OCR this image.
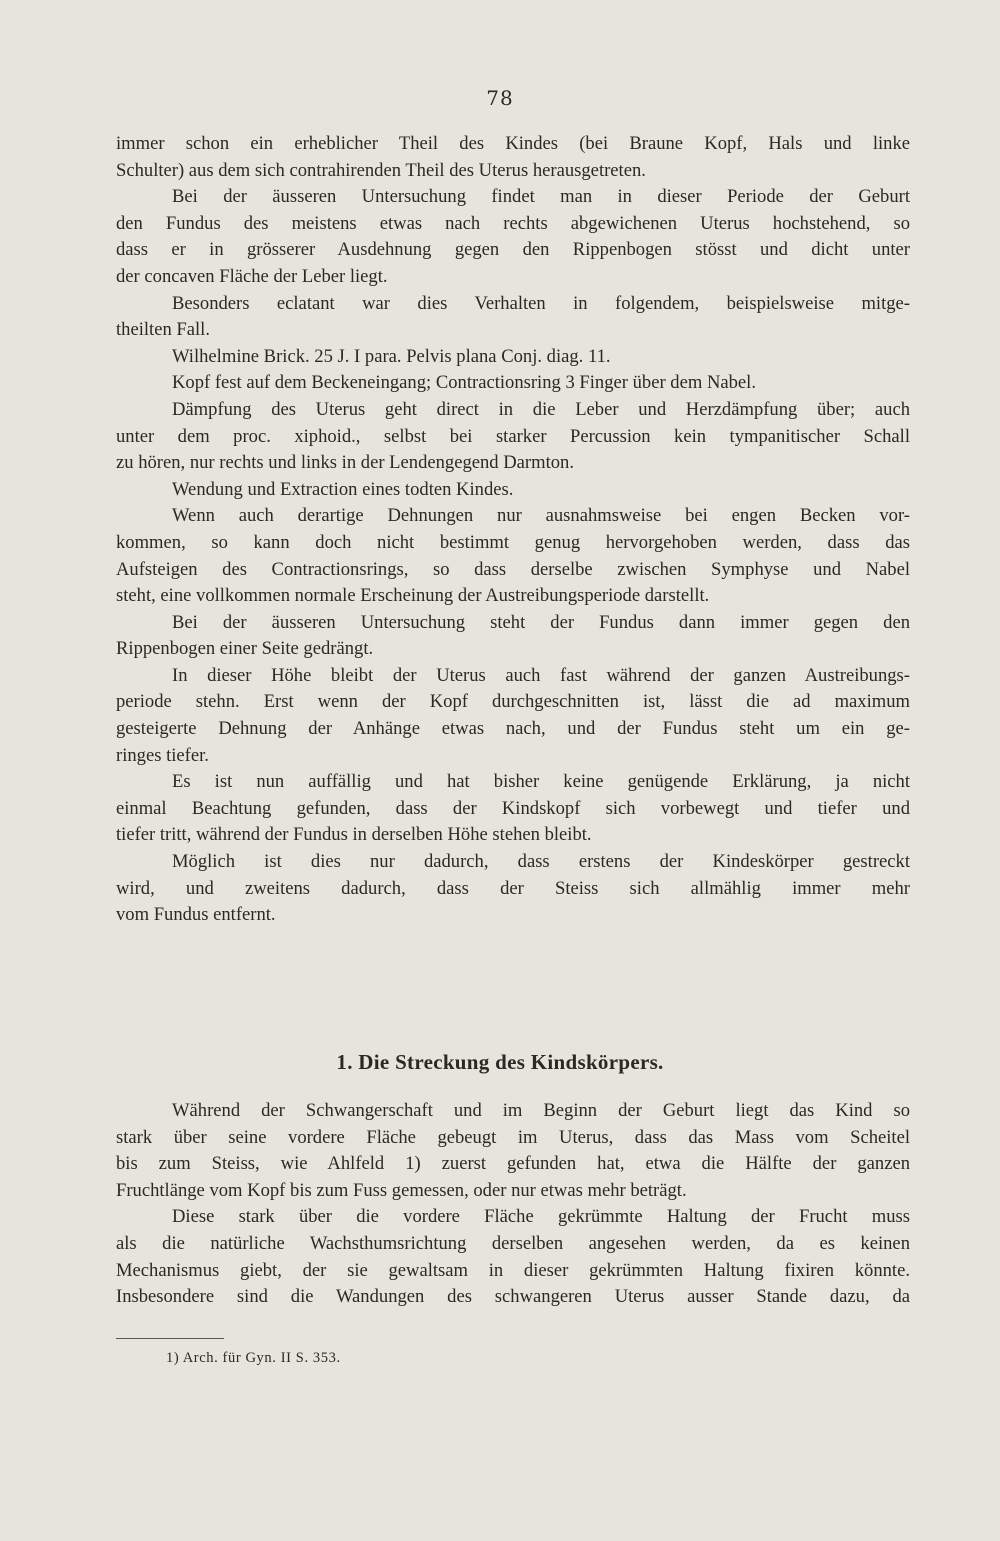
78
immer schon ein erheblicher Theil des Kindes (bei Braune Kopf, Hals und linke
Schulter) aus dem sich contrahirenden Theil des Uterus herausgetreten.
Bei der äusseren Untersuchung findet man in dieser Periode der Geburt
den Fundus des meistens etwas nach rechts abgewichenen Uterus hochstehend, so
dass er in grösserer Ausdehnung gegen den Rippenbogen stösst und dicht unter
der concaven Fläche der Leber liegt.
Besonders eclatant war dies Verhalten in folgendem, beispielsweise mitge-
theilten Fall.
Wilhelmine Brick. 25 J. I para. Pelvis plana Conj. diag. 11.
Kopf fest auf dem Beckeneingang; Contractionsring 3 Finger über dem Nabel.
Dämpfung des Uterus geht direct in die Leber und Herzdämpfung über; auch
unter dem proc. xiphoid., selbst bei starker Percussion kein tympanitischer Schall
zu hören, nur rechts und links in der Lendengegend Darmton.
Wendung und Extraction eines todten Kindes.
Wenn auch derartige Dehnungen nur ausnahmsweise bei engen Becken vor-
kommen, so kann doch nicht bestimmt genug hervorgehoben werden, dass das
Aufsteigen des Contractionsrings, so dass derselbe zwischen Symphyse und Nabel
steht, eine vollkommen normale Erscheinung der Austreibungsperiode darstellt.
Bei der äusseren Untersuchung steht der Fundus dann immer gegen den
Rippenbogen einer Seite gedrängt.
In dieser Höhe bleibt der Uterus auch fast während der ganzen Austreibungs-
periode stehn. Erst wenn der Kopf durchgeschnitten ist, lässt die ad maximum
gesteigerte Dehnung der Anhänge etwas nach, und der Fundus steht um ein ge-
ringes tiefer.
Es ist nun auffällig und hat bisher keine genügende Erklärung, ja nicht
einmal Beachtung gefunden, dass der Kindskopf sich vorbewegt und tiefer und
tiefer tritt, während der Fundus in derselben Höhe stehen bleibt.
Möglich ist dies nur dadurch, dass erstens der Kindeskörper gestreckt
wird, und zweitens dadurch, dass der Steiss sich allmählig immer mehr
vom Fundus entfernt.
1. Die Streckung des Kindskörpers.
Während der Schwangerschaft und im Beginn der Geburt liegt das Kind so
stark über seine vordere Fläche gebeugt im Uterus, dass das Mass vom Scheitel
bis zum Steiss, wie Ahlfeld 1) zuerst gefunden hat, etwa die Hälfte der ganzen
Fruchtlänge vom Kopf bis zum Fuss gemessen, oder nur etwas mehr beträgt.
Diese stark über die vordere Fläche gekrümmte Haltung der Frucht muss
als die natürliche Wachsthumsrichtung derselben angesehen werden, da es keinen
Mechanismus giebt, der sie gewaltsam in dieser gekrümmten Haltung fixiren könnte.
Insbesondere sind die Wandungen des schwangeren Uterus ausser Stande dazu, da
1) Arch. für Gyn. II S. 353.
